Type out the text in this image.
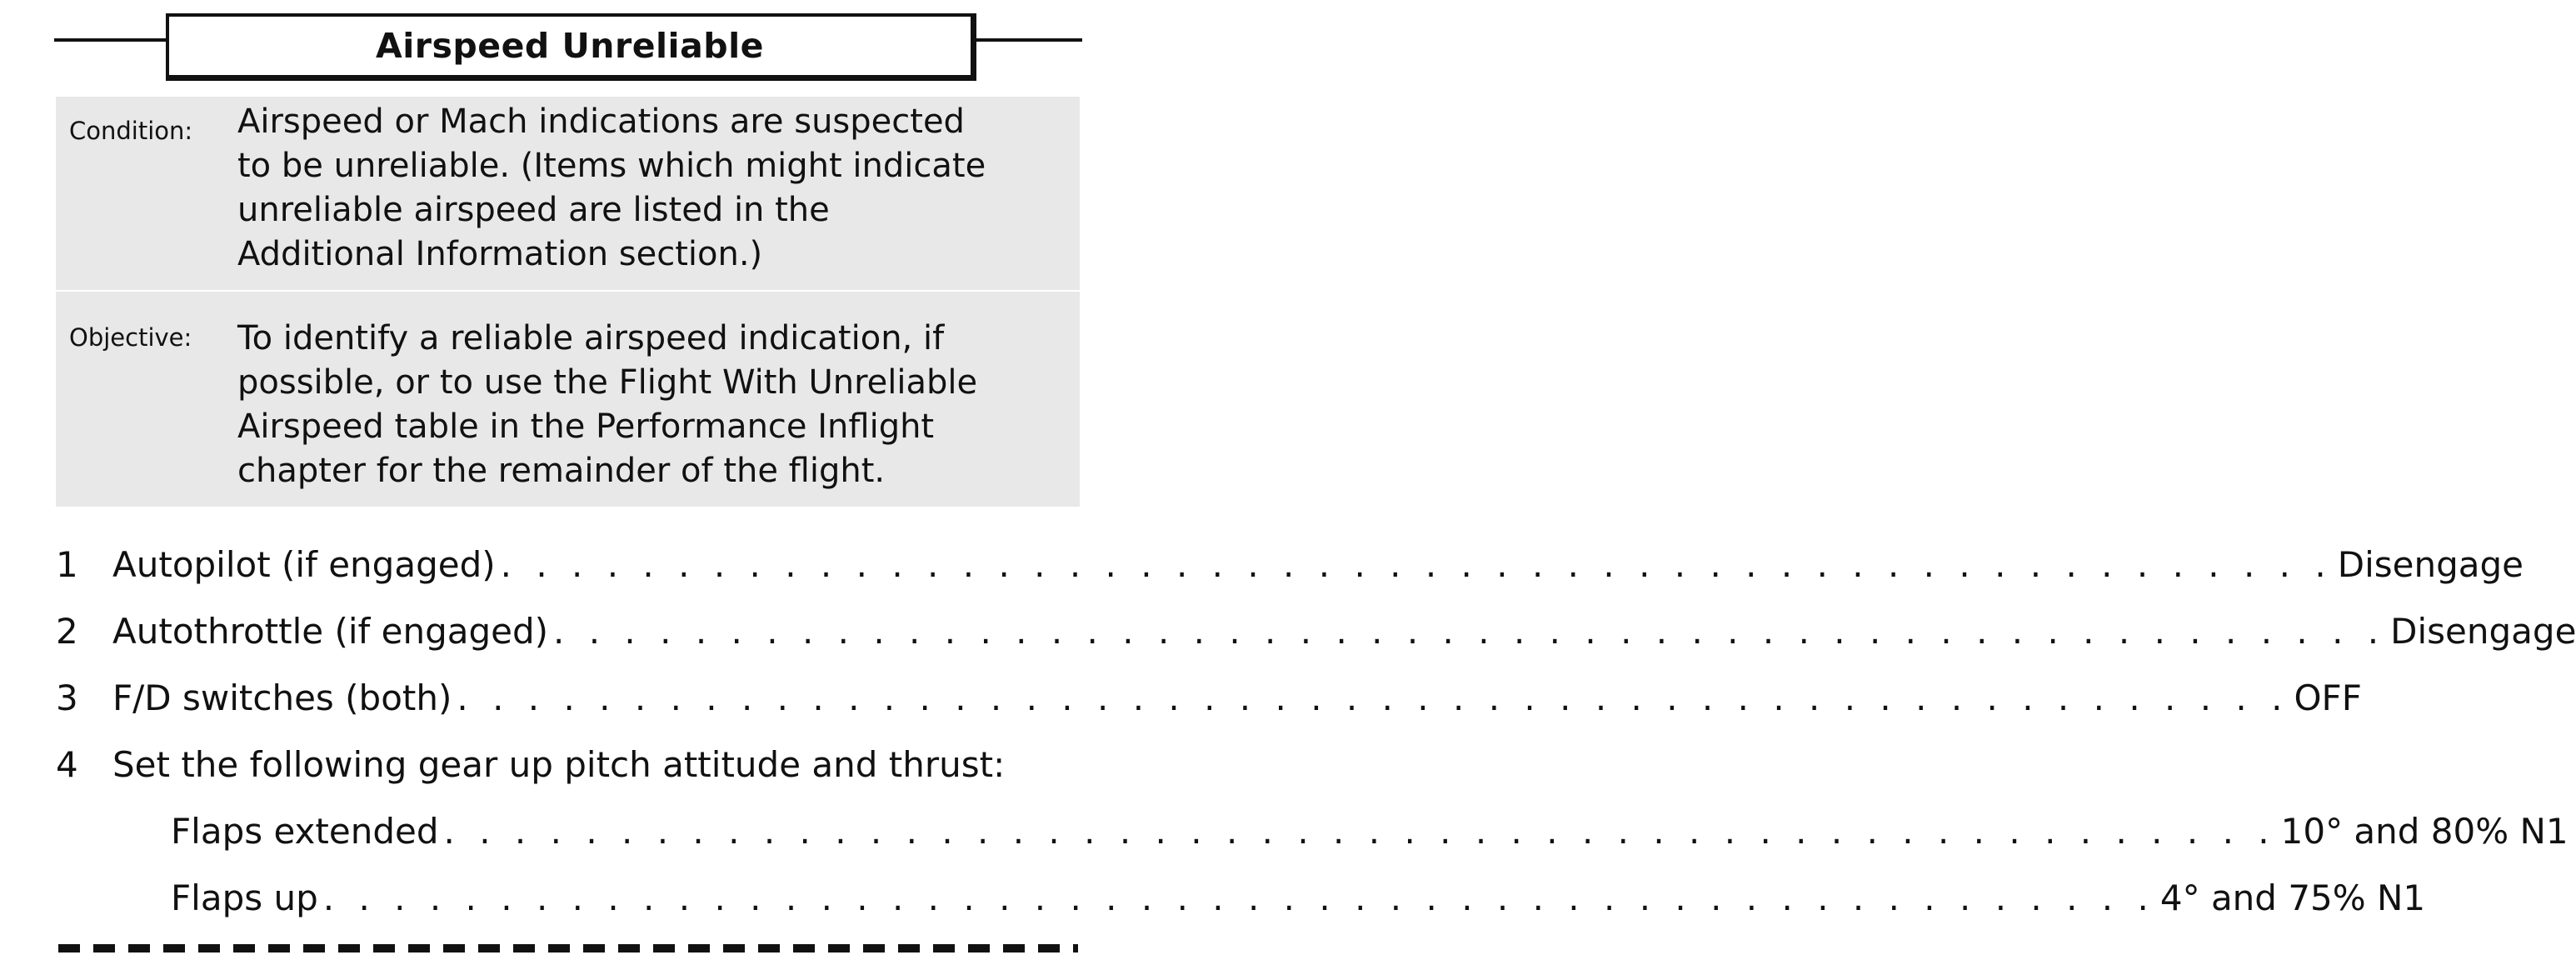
Airspeed Unreliable
Condition: Airspeed or Mach indications are suspected
to be unreliable. (Items which might indicate
unreliable airspeed are listed in the
Additional Information section.)
Objective: To identify a reliable airspeed indication, if
possible, or to use the Flight With Unreliable
Airspeed table in the Performance Inflight
chapter for the remainder of the flight.
1 Autopilot (if engaged) . . . . . . . . . . . . . . . . . . . . . . . . . . . . . . . . . . . . . . . . . . . . . . . . . . . . Disengage
2 Autothrottle (if engaged) . . . . . . . . . . . . . . . . . . . . . . . . . . . . . . . . . . . . . . . . . . . . . . . . . . . . Disengage
3 F/D switches (both) . . . . . . . . . . . . . . . . . . . . . . . . . . . . . . . . . . . . . . . . . . . . . . . . . . . . OFF
4 Set the following gear up pitch attitude and thrust:
Flaps extended . . . . . . . . . . . . . . . . . . . . . . . . . . . . . . . . . . . . . . . . . . . . . . . . . . . . 10° and 80% N1
Flaps up . . . . . . . . . . . . . . . . . . . . . . . . . . . . . . . . . . . . . . . . . . . . . . . . . . . . 4° and 75% N1
